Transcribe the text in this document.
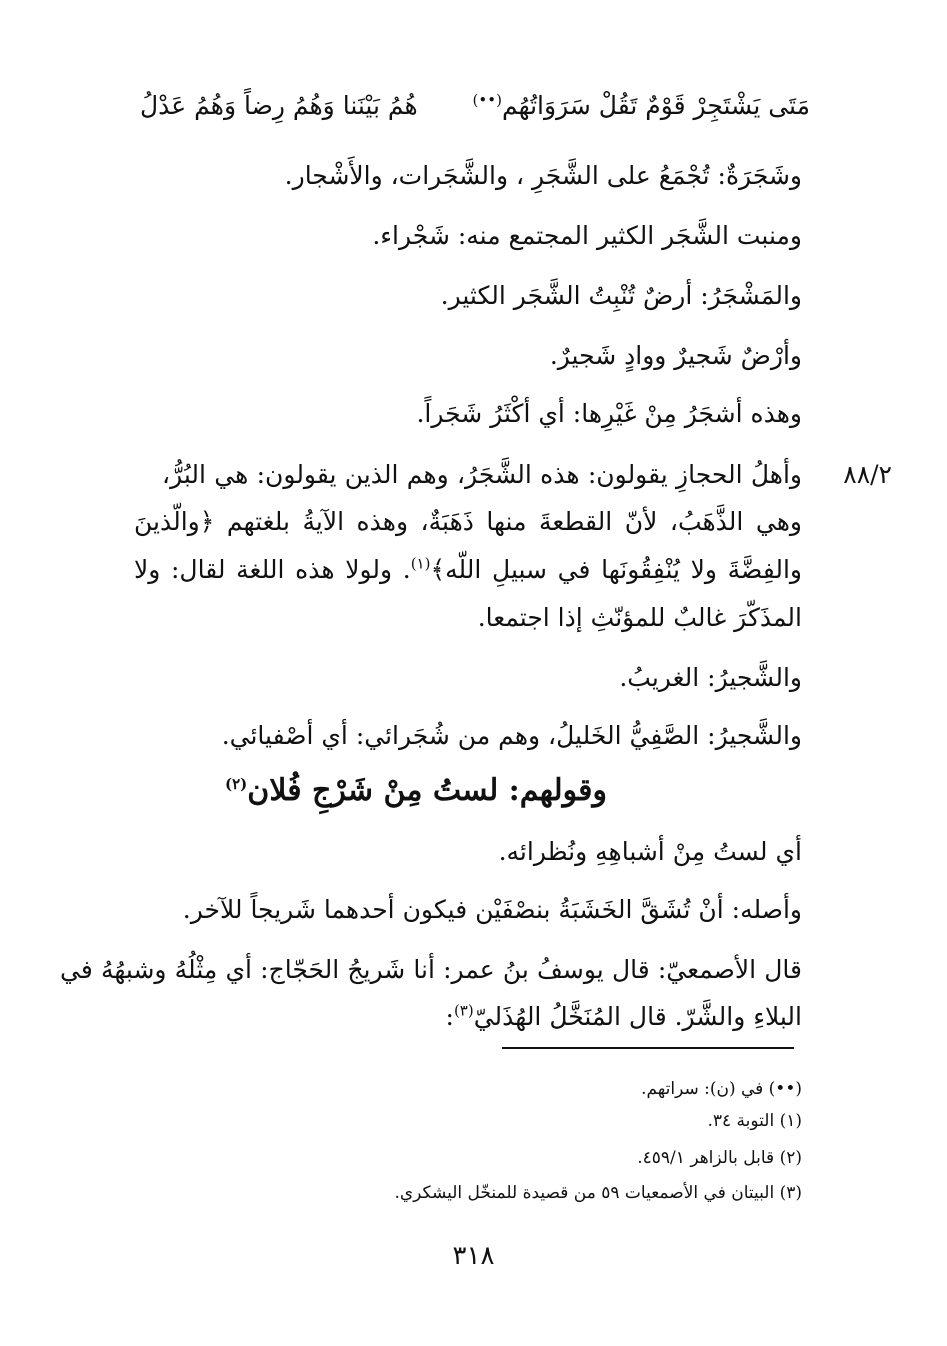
مَتَى يَشْتَجِرْ قَوْمٌ تَقُلْ سَرَوَاتُهُم(••)
هُمُ بَيْنَنا وَهُمُ رِضاً وَهُمُ عَدْلُ
وشَجَرَةٌ: تُجْمَعُ على الشَّجَرِ ، والشَّجَرات، والأَشْجار.
ومنبت الشَّجَر الكثير المجتمع منه: شَجْراء.
والمَشْجَرُ: أرضٌ تُنْبِتُ الشَّجَر الكثير.
وأرْضٌ شَجيرٌ ووادٍ شَجيرٌ.
وهذه أشجَرُ مِنْ غَيْرِها: أي أكْثَرُ شَجَراً.
٨٨/٢
وأهلُ الحجازِ يقولون: هذه الشَّجَرُ، وهم الذين يقولون: هي البُرُّ،
وهي الذَّهَبُ، لأنّ القطعةَ منها ذَهَبَةٌ، وهذه الآيةُ بلغتهم ﴿والّذينَ
والفِضَّةَ ولا يُنْفِقُونَها في سبيلِ اللّه﴾$^{(١)}$. ولولا هذه اللغة لقال: ولا
المذَكّرَ غالبٌ للمؤنّثِ إذا اجتمعا.
والشَّجيرُ: الغريبُ.
والشَّجيرُ: الصَّفِيُّ الخَليلُ، وهم من شُجَرائي: أي أصْفيائي.
وقولهم: لستُ مِنْ شَرْجِ فُلان$^{(٢)}$
أي لستُ مِنْ أشباهِهِ ونُظرائه.
وأصله: أنْ تُشَقَّ الخَشَبَةُ بنصْفَيْن فيكون أحدهما شَريجاً للآخر.
قال الأصمعيّ: قال يوسفُ بنُ عمر: أنا شَريجُ الحَجّاج: أي مِثْلُهُ وشبهُهُ في
البلاءِ والشَّرّ. قال المُنَخَّلُ الهُذَليّ$^{(٣)}$:
(••) في (ن): سراتهم.
(١) التوبة ٣٤.
(٢) قابل بالزاهر ٤٥٩/١.
(٣) البيتان في الأصمعيات ٥٩ من قصيدة للمنخّل اليشكري.
٣١٨
